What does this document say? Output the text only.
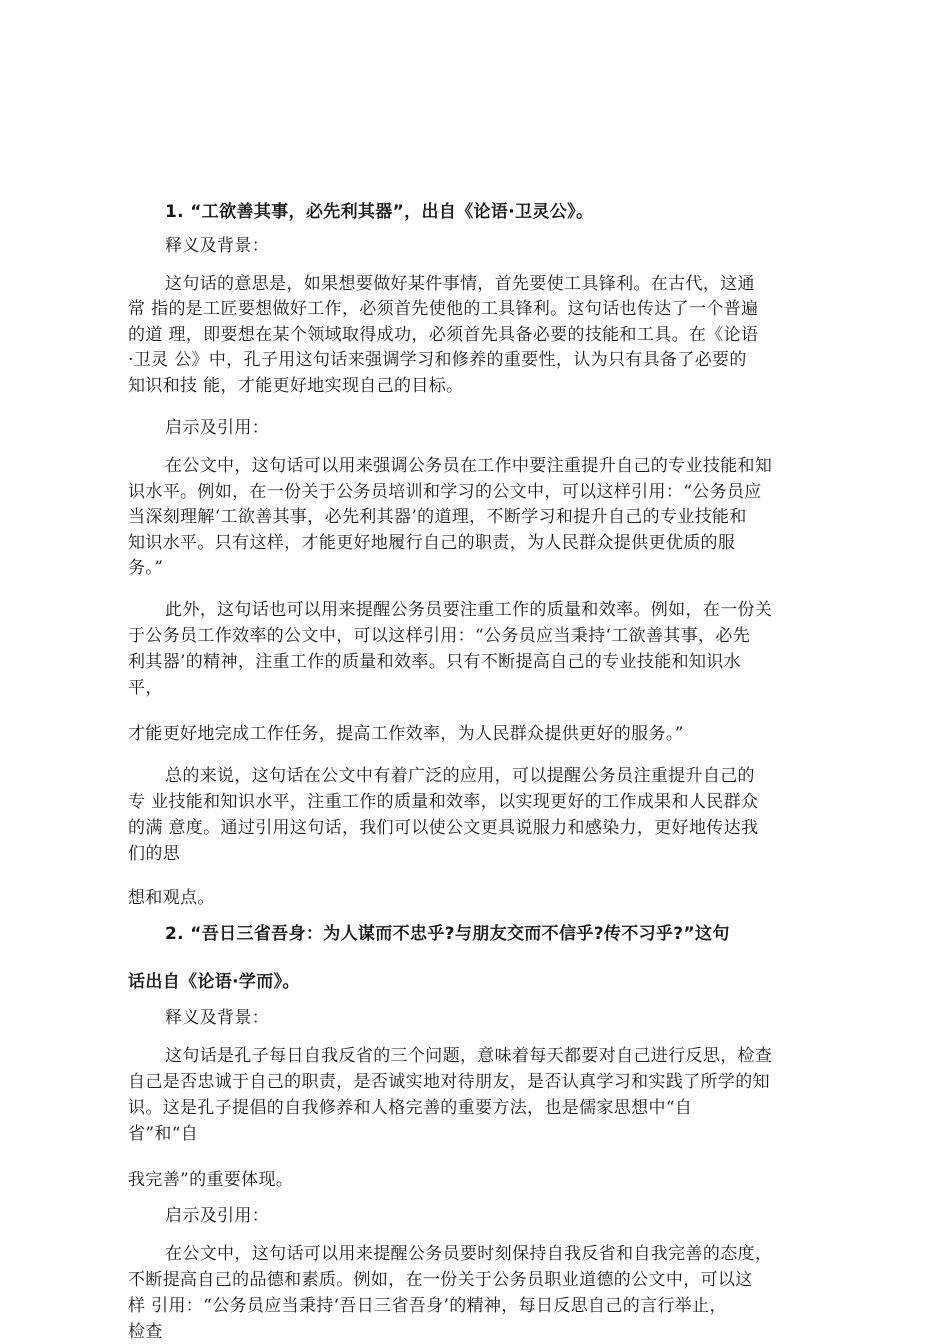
1. “工欲善其事，必先利其器”，出自《论语·卫灵公》。
释义及背景：
这句话的意思是，如果想要做好某件事情，首先要使工具锋利。在古代，这通
常 指的是工匠要想做好工作，必须首先使他的工具锋利。这句话也传达了一个普遍
的道 理，即要想在某个领域取得成功，必须首先具备必要的技能和工具。在《论语
·卫灵 公》中，孔子用这句话来强调学习和修养的重要性，认为只有具备了必要的
知识和技 能，才能更好地实现自己的目标。
启示及引用：
在公文中，这句话可以用来强调公务员在工作中要注重提升自己的专业技能和知
识水平。例如，在一份关于公务员培训和学习的公文中，可以这样引用：“公务员应
当深刻理解‘工欲善其事，必先利其器’的道理，不断学习和提升自己的专业技能和
知识水平。只有这样，才能更好地履行自己的职责，为人民群众提供更优质的服
务。”
此外，这句话也可以用来提醒公务员要注重工作的质量和效率。例如，在一份关
于公务员工作效率的公文中，可以这样引用：“公务员应当秉持‘工欲善其事，必先
利其器’的精神，注重工作的质量和效率。只有不断提高自己的专业技能和知识水
平，
才能更好地完成工作任务，提高工作效率，为人民群众提供更好的服务。”
总的来说，这句话在公文中有着广泛的应用，可以提醒公务员注重提升自己的
专 业技能和知识水平，注重工作的质量和效率，以实现更好的工作成果和人民群众
的满 意度。通过引用这句话，我们可以使公文更具说服力和感染力，更好地传达我
们的思
想和观点。
2. “吾日三省吾身：为人谋而不忠乎?与朋友交而不信乎?传不习乎?”这句
话出自《论语·学而》。
释义及背景：
这句话是孔子每日自我反省的三个问题，意味着每天都要对自己进行反思，检查
自己是否忠诚于自己的职责，是否诚实地对待朋友，是否认真学习和实践了所学的知
识。这是孔子提倡的自我修养和人格完善的重要方法，也是儒家思想中“自
省”和“自
我完善”的重要体现。
启示及引用：
在公文中，这句话可以用来提醒公务员要时刻保持自我反省和自我完善的态度，
不断提高自己的品德和素质。例如，在一份关于公务员职业道德的公文中，可以这
样 引用：“公务员应当秉持‘吾日三省吾身’的精神，每日反思自己的言行举止，
检查
